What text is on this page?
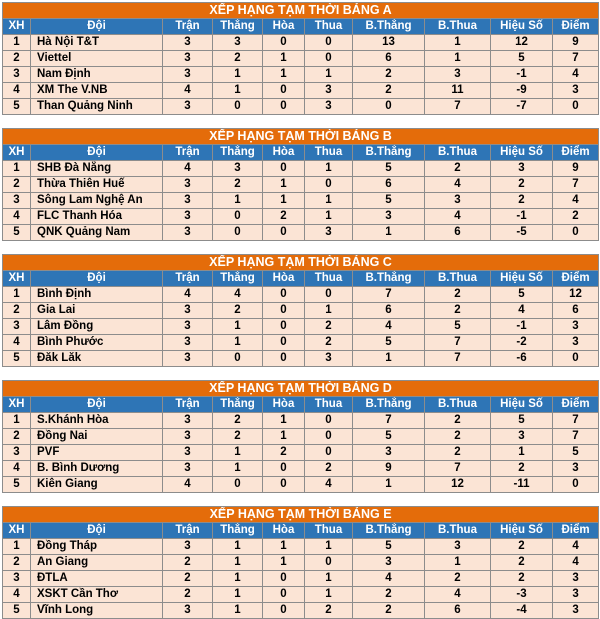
XẾP HẠNG TẠM THỜI BẢNG A									
XH	Đội	Trận	Thắng	Hòa	Thua	B.Thắng	B.Thua	Hiệu Số	Điểm
1	Hà Nội T&T	3	3	0	0	13	1	12	9
2	Viettel	3	2	1	0	6	1	5	7
3	Nam Định	3	1	1	1	2	3	-1	4
4	XM The V.NB	4	1	0	3	2	11	-9	3
5	Than Quảng Ninh	3	0	0	3	0	7	-7	0
XẾP HẠNG TẠM THỜI BẢNG B									
XH	Đội	Trận	Thắng	Hòa	Thua	B.Thắng	B.Thua	Hiệu Số	Điểm
1	SHB Đà Nẵng	4	3	0	1	5	2	3	9
2	Thừa Thiên Huế	3	2	1	0	6	4	2	7
3	Sông Lam Nghệ An	3	1	1	1	5	3	2	4
4	FLC Thanh Hóa	3	0	2	1	3	4	-1	2
5	QNK Quảng Nam	3	0	0	3	1	6	-5	0
XẾP HẠNG TẠM THỜI BẢNG C									
XH	Đội	Trận	Thắng	Hòa	Thua	B.Thắng	B.Thua	Hiệu Số	Điểm
1	Bình Định	4	4	0	0	7	2	5	12
2	Gia Lai	3	2	0	1	6	2	4	6
3	Lâm Đồng	3	1	0	2	4	5	-1	3
4	Bình Phước	3	1	0	2	5	7	-2	3
5	Đăk Lăk	3	0	0	3	1	7	-6	0
XẾP HẠNG TẠM THỜI BẢNG D									
XH	Đội	Trận	Thắng	Hòa	Thua	B.Thắng	B.Thua	Hiệu Số	Điểm
1	S.Khánh Hòa	3	2	1	0	7	2	5	7
2	Đồng Nai	3	2	1	0	5	2	3	7
3	PVF	3	1	2	0	3	2	1	5
4	B. Bình Dương	3	1	0	2	9	7	2	3
5	Kiên Giang	4	0	0	4	1	12	-11	0
XẾP HẠNG TẠM THỜI BẢNG E									
XH	Đội	Trận	Thắng	Hòa	Thua	B.Thắng	B.Thua	Hiệu Số	Điểm
1	Đồng Tháp	3	1	1	1	5	3	2	4
2	An Giang	2	1	1	0	3	1	2	4
3	ĐTLA	2	1	0	1	4	2	2	3
4	XSKT Cần Thơ	2	1	0	1	2	4	-3	3
5	Vĩnh Long	3	1	0	2	2	6	-4	3
